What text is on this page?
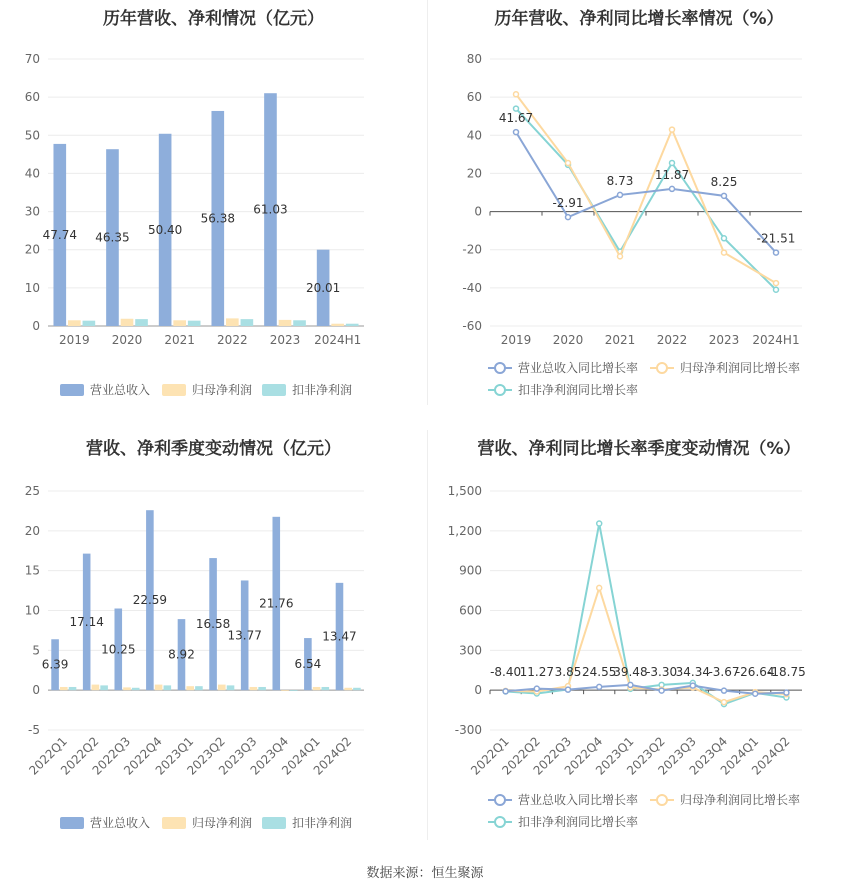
历年营收、净利情况（亿元）
0
10
20
30
40
50
60
70
2019 2020 2021 2022 2023 2024H1
47.74 46.35
50.40
56.38
61.03
20.01
营业总收入	归母净利润	扣非净利润
历年营收、净利同比增长率情况（%）
-60
-40
-20
0
20
40
60
80
2019 2020 2021 2022 2023 2024H1
41.67
-2.91
8.73 11.87 8.25
-21.51
营业总收入同比增长率	归母净利润同比增长率
扣非净利润同比增长率
营收、净利季度变动情况（亿元）
-5
0
5
10
15
20
25
2022Q1
2022Q2
2022Q3
2022Q4
2023Q1
2023Q2
2023Q3
2023Q4
2024Q1
2024Q2
6.39
17.14
10.25
22.59
8.92
16.58
13.77
21.76
6.54
13.47
营业总收入	归母净利润	扣非净利润
营收、净利同比增长率季度变动情况（%）
-300
0
300
600
900
1,200
1,500
2022Q1
2022Q2
2022Q3
2022Q4
2023Q1
2023Q2
2023Q3
2023Q4
2024Q1
2024Q2
-8.40
11.27 3.85 24.55
39.48
-3.30
34.34
-3.67
-26.64
-18.75
营业总收入同比增长率	归母净利润同比增长率
扣非净利润同比增长率
数据来源：恒生聚源
